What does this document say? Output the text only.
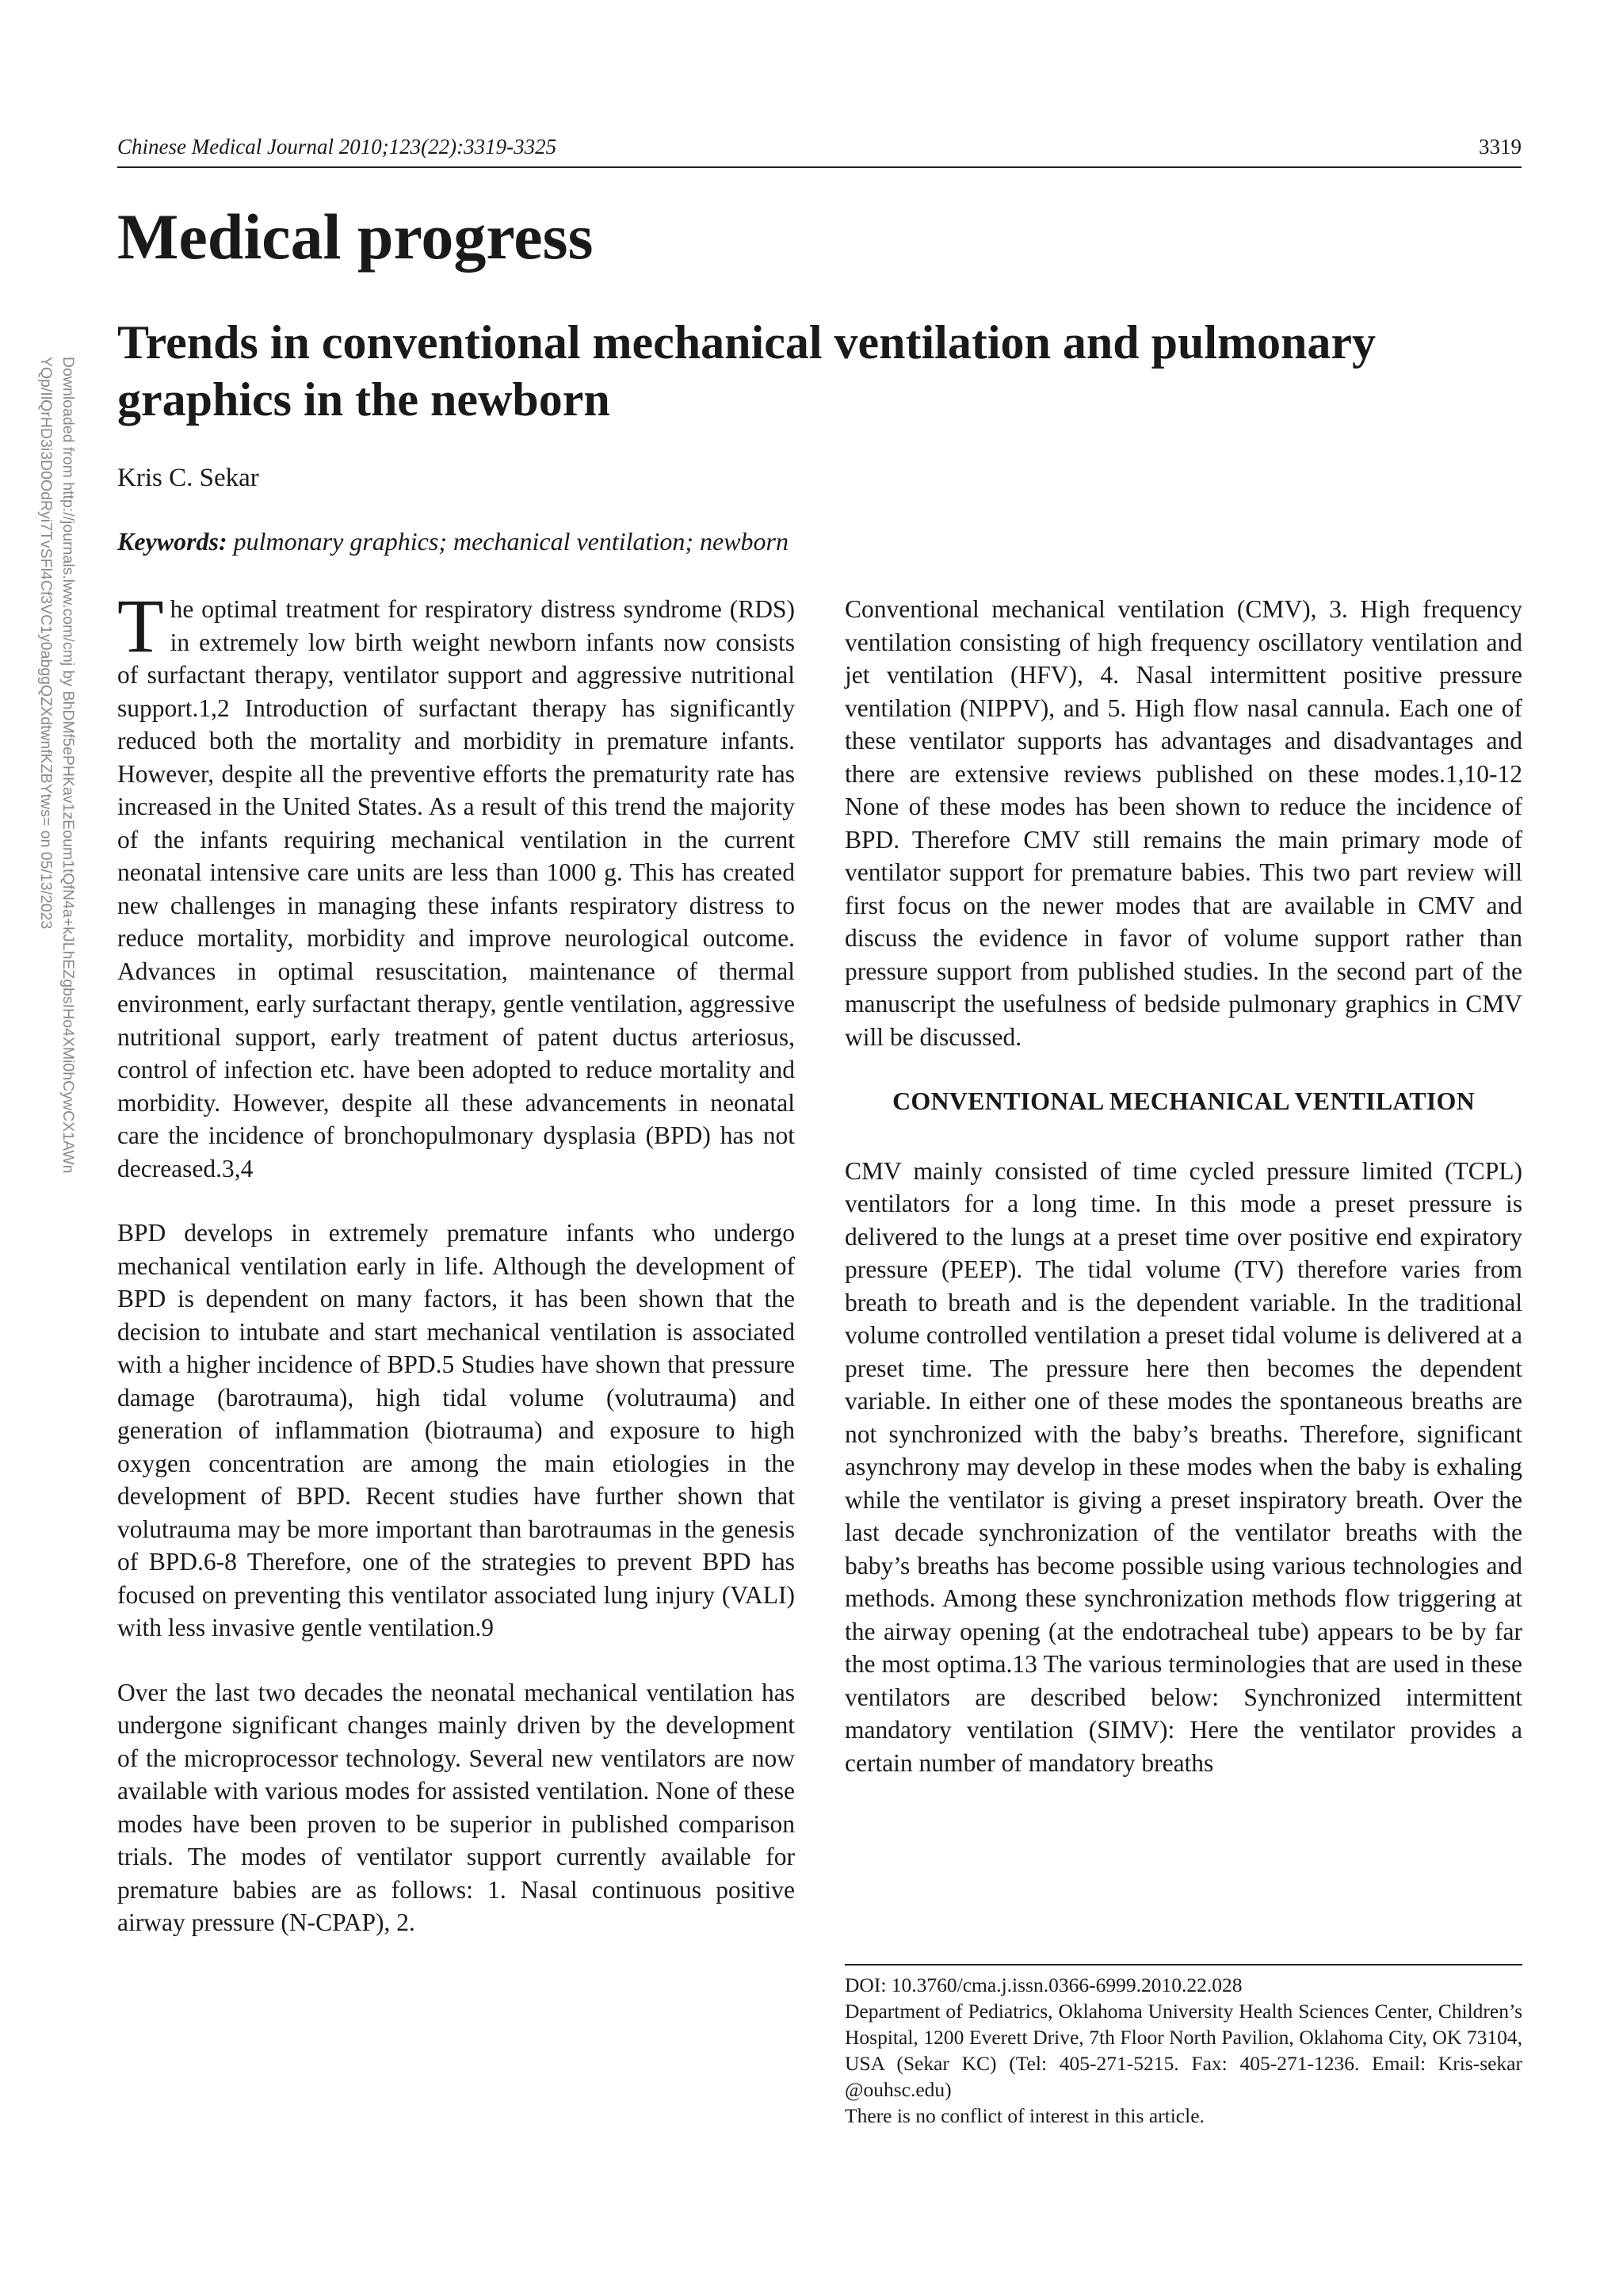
Chinese Medical Journal 2010;123(22):3319-3325	3319
Downloaded from http://journals.lww.com/cmj by BhDMf5ePHKav1zEoum1tQfN4a+kJLhEZgbsIHo4XMi0hCywCX1AWn
YQp/IlQrHD3i3D0OdRyi7TvSFl4Cf3VC1y0abggQZXdtwnfKZBYtws= on 05/13/2023
Medical progress
Trends in conventional mechanical ventilation and pulmonary graphics in the newborn
Kris C. Sekar
Keywords: pulmonary graphics; mechanical ventilation; newborn

T he optimal treatment for respiratory distress syndrome (RDS) in extremely low birth weight newborn infants now consists of surfactant therapy, ventilator support and aggressive nutritional support.1,2 Introduction of surfactant therapy has significantly reduced both the mortality and morbidity in premature infants. However, despite all the preventive efforts the prematurity rate has increased in the United States. As a result of this trend the majority of the infants requiring mechanical ventilation in the current neonatal intensive care units are less than 1000 g. This has created new challenges in managing these infants respiratory distress to reduce mortality, morbidity and improve neurological outcome. Advances in optimal resuscitation, maintenance of thermal environment, early surfactant therapy, gentle ventilation, aggressive nutritional support, early treatment of patent ductus arteriosus, control of infection etc. have been adopted to reduce mortality and morbidity. However, despite all these advancements in neonatal care the incidence of bronchopulmonary dysplasia (BPD) has not decreased.3,4

BPD develops in extremely premature infants who undergo mechanical ventilation early in life. Although the development of BPD is dependent on many factors, it has been shown that the decision to intubate and start mechanical ventilation is associated with a higher incidence of BPD.5 Studies have shown that pressure damage (barotrauma), high tidal volume (volutrauma) and generation of inflammation (biotrauma) and exposure to high oxygen concentration are among the main etiologies in the development of BPD. Recent studies have further shown that volutrauma may be more important than barotraumas in the genesis of BPD.6-8 Therefore, one of the strategies to prevent BPD has focused on preventing this ventilator associated lung injury (VALI) with less invasive gentle ventilation.9

Over the last two decades the neonatal mechanical ventilation has undergone significant changes mainly driven by the development of the microprocessor technology. Several new ventilators are now available with various modes for assisted ventilation. None of these modes have been proven to be superior in published comparison trials. The modes of ventilator support currently available for premature babies are as follows: 1. Nasal continuous positive airway pressure (N-CPAP), 2.

Conventional mechanical ventilation (CMV), 3. High frequency ventilation consisting of high frequency oscillatory ventilation and jet ventilation (HFV), 4. Nasal intermittent positive pressure ventilation (NIPPV), and 5. High flow nasal cannula. Each one of these ventilator supports has advantages and disadvantages and there are extensive reviews published on these modes.1,10-12 None of these modes has been shown to reduce the incidence of BPD. Therefore CMV still remains the main primary mode of ventilator support for premature babies. This two part review will first focus on the newer modes that are available in CMV and discuss the evidence in favor of volume support rather than pressure support from published studies. In the second part of the manuscript the usefulness of bedside pulmonary graphics in CMV will be discussed.

CONVENTIONAL MECHANICAL VENTILATION

CMV mainly consisted of time cycled pressure limited (TCPL) ventilators for a long time. In this mode a preset pressure is delivered to the lungs at a preset time over positive end expiratory pressure (PEEP). The tidal volume (TV) therefore varies from breath to breath and is the dependent variable. In the traditional volume controlled ventilation a preset tidal volume is delivered at a preset time. The pressure here then becomes the dependent variable. In either one of these modes the spontaneous breaths are not synchronized with the baby’s breaths. Therefore, significant asynchrony may develop in these modes when the baby is exhaling while the ventilator is giving a preset inspiratory breath. Over the last decade synchronization of the ventilator breaths with the baby’s breaths has become possible using various technologies and methods. Among these synchronization methods flow triggering at the airway opening (at the endotracheal tube) appears to be by far the most optima.13 The various terminologies that are used in these ventilators are described below: Synchronized intermittent mandatory ventilation (SIMV): Here the ventilator provides a certain number of mandatory breaths

DOI: 10.3760/cma.j.issn.0366-6999.2010.22.028

Department of Pediatrics, Oklahoma University Health Sciences Center, Children’s Hospital, 1200 Everett Drive, 7th Floor North Pavilion, Oklahoma City, OK 73104, USA (Sekar KC) (Tel: 405-271-5215. Fax: 405-271-1236. Email: Kris-sekar @ouhsc.edu)

There is no conflict of interest in this article.
